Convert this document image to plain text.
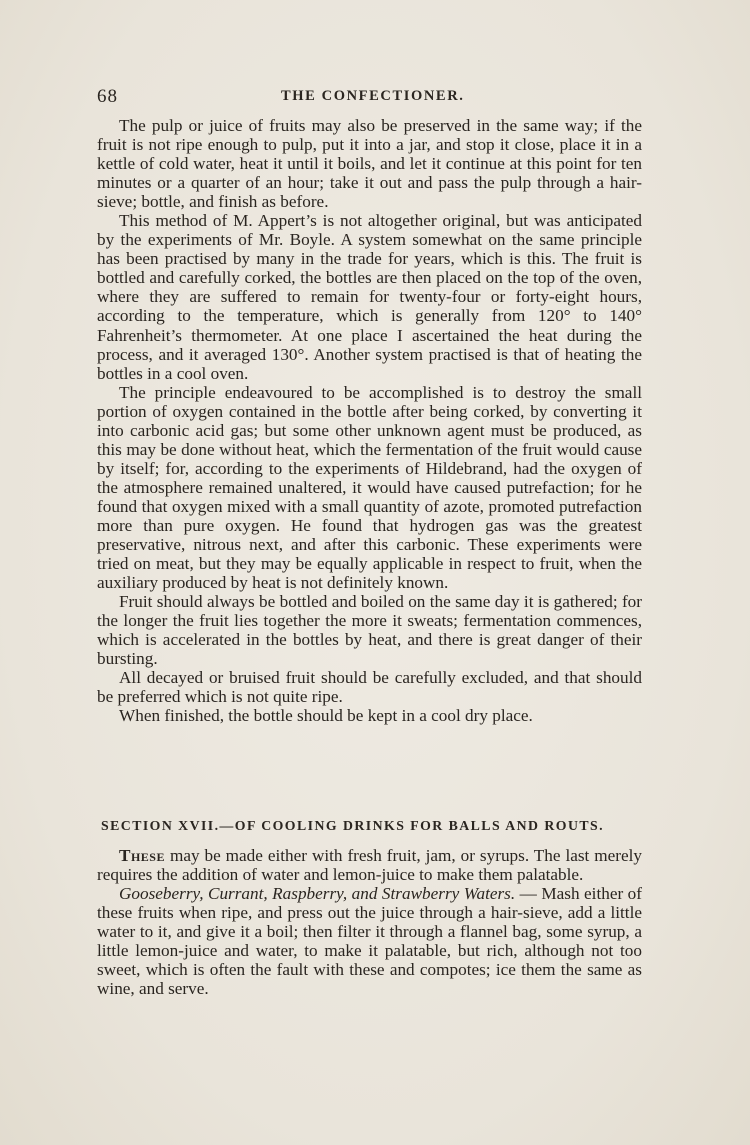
68	THE CONFECTIONER.

The pulp or juice of fruits may also be preserved in the same way; if the fruit is not ripe enough to pulp, put it into a jar, and stop it close, place it in a kettle of cold water, heat it until it boils, and let it continue at this point for ten minutes or a quarter of an hour; take it out and pass the pulp through a hair-sieve; bottle, and finish as before.

This method of M. Appert’s is not altogether original, but was anticipated by the experiments of Mr. Boyle. A system somewhat on the same principle has been practised by many in the trade for years, which is this. The fruit is bottled and carefully corked, the bottles are then placed on the top of the oven, where they are suffered to remain for twenty-four or forty-eight hours, according to the temperature, which is generally from 120° to 140° Fahrenheit’s thermometer. At one place I ascertained the heat during the process, and it averaged 130°. Another system practised is that of heating the bottles in a cool oven.

The principle endeavoured to be accomplished is to destroy the small portion of oxygen contained in the bottle after being corked, by converting it into carbonic acid gas; but some other unknown agent must be produced, as this may be done without heat, which the fermentation of the fruit would cause by itself; for, according to the experiments of Hildebrand, had the oxygen of the atmosphere remained unaltered, it would have caused putrefaction; for he found that oxygen mixed with a small quantity of azote, promoted putrefaction more than pure oxygen. He found that hydrogen gas was the greatest preservative, nitrous next, and after this carbonic. These experiments were tried on meat, but they may be equally applicable in respect to fruit, when the auxiliary produced by heat is not definitely known.

Fruit should always be bottled and boiled on the same day it is gathered; for the longer the fruit lies together the more it sweats; fermentation commences, which is accelerated in the bottles by heat, and there is great danger of their bursting.

All decayed or bruised fruit should be carefully excluded, and that should be preferred which is not quite ripe.

When finished, the bottle should be kept in a cool dry place.

SECTION XVII.—OF COOLING DRINKS FOR BALLS AND ROUTS.

These may be made either with fresh fruit, jam, or syrups. The last merely requires the addition of water and lemon-juice to make them palatable.

Gooseberry, Currant, Raspberry, and Strawberry Waters. — Mash either of these fruits when ripe, and press out the juice through a hair-sieve, add a little water to it, and give it a boil; then filter it through a flannel bag, some syrup, a little lemon-juice and water, to make it palatable, but rich, although not too sweet, which is often the fault with these and compotes; ice them the same as wine, and serve.
